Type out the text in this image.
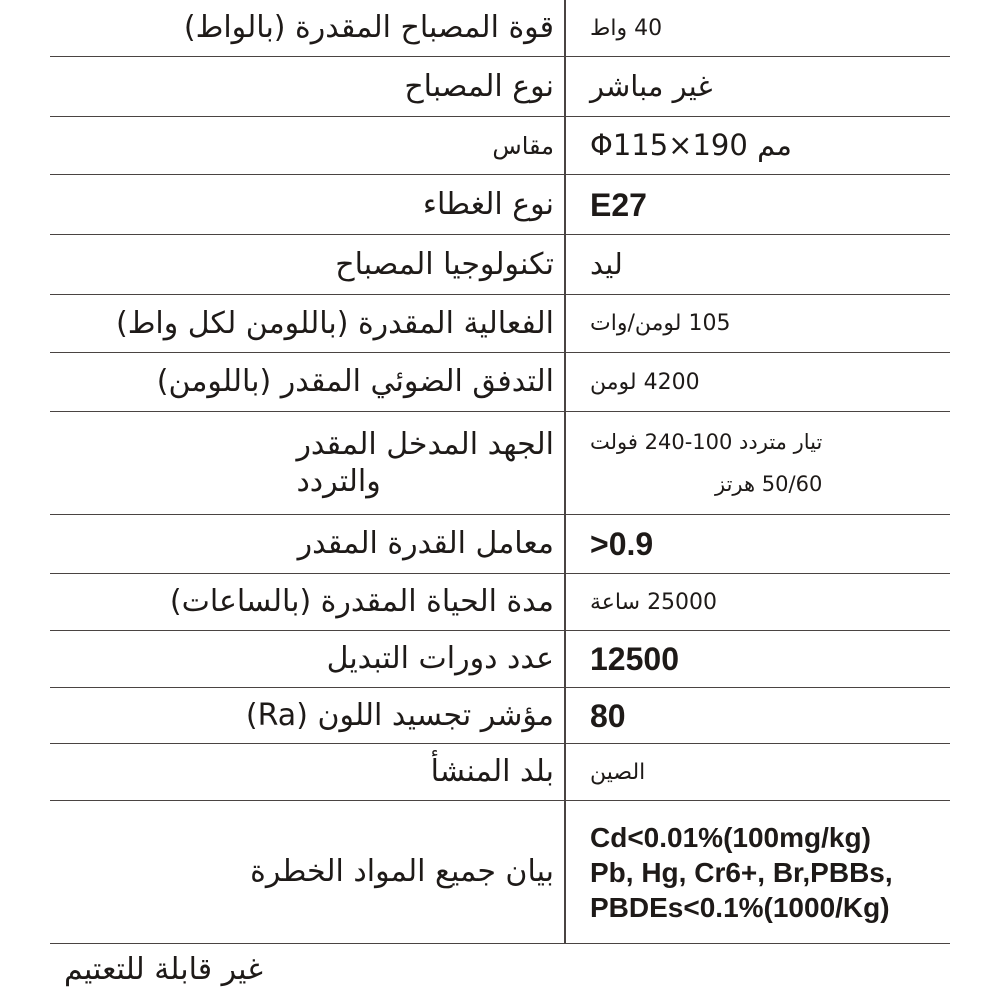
قوة المصباح المقدرة (بالواط) 40 واط
نوع المصباح غير مباشر
مقاس Φ115×190 مم
نوع الغطاء E27
تكنولوجيا المصباح ليد
الفعالية المقدرة (باللومن لكل واط) 105 لومن/وات
التدفق الضوئي المقدر (باللومن) 4200 لومن
الجهد المدخل المقدر
والتردد
تيار متردد 100-240 فولت
50/60 هرتز
معامل القدرة المقدر >0.9
مدة الحياة المقدرة (بالساعات) 25000 ساعة
عدد دورات التبديل 12500
مؤشر تجسيد اللون (Ra) 80
بلد المنشأ الصين
بيان جميع المواد الخطرة
Cd<0.01%(100mg/kg)
Pb, Hg, Cr6+, Br,PBBs,
PBDEs<0.1%(1000/Kg)
غير قابلة للتعتيم
